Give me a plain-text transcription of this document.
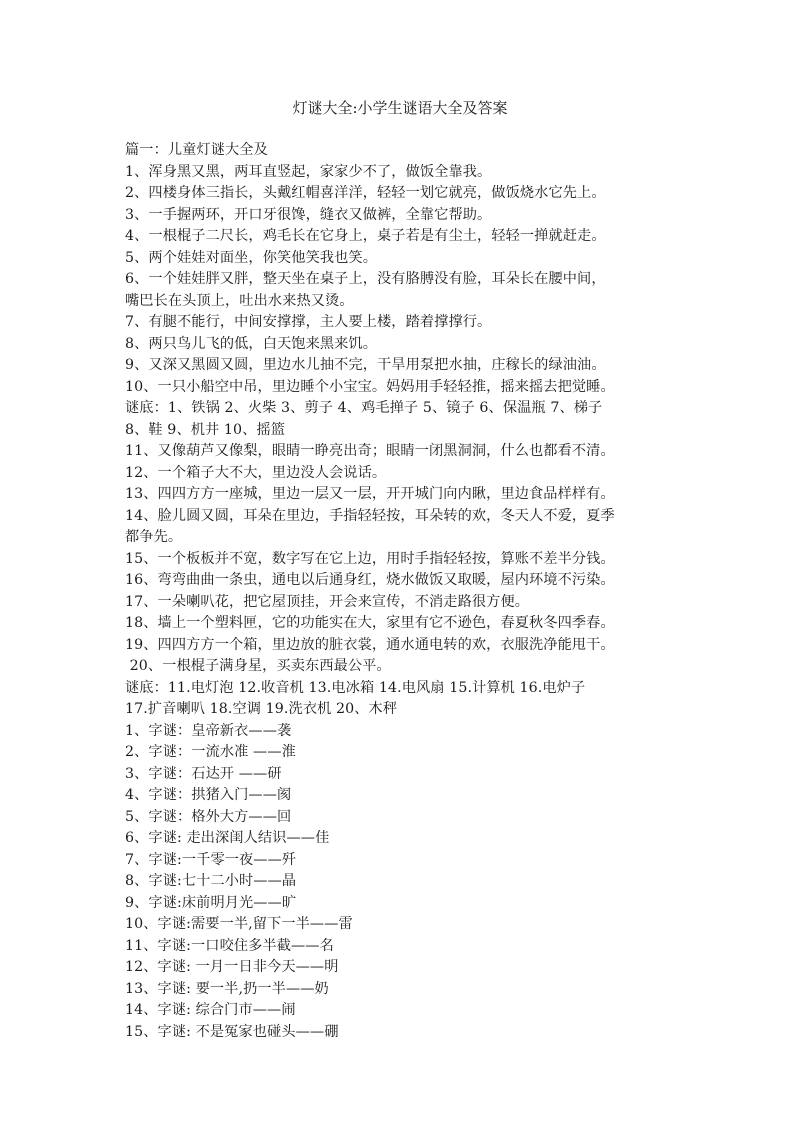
灯谜大全:小学生谜语大全及答案
篇一：儿童灯谜大全及
1、浑身黑又黑，两耳直竖起，家家少不了，做饭全靠我。
2、四楼身体三指长，头戴红帽喜洋洋，轻轻一划它就亮，做饭烧水它先上。
3、一手握两环，开口牙很馋，缝衣又做裤，全靠它帮助。
4、一根棍子二尺长，鸡毛长在它身上，桌子若是有尘土，轻轻一掸就赶走。
5、两个娃娃对面坐，你笑他笑我也笑。
6、一个娃娃胖又胖，整天坐在桌子上，没有胳膊没有脸，耳朵长在腰中间，
嘴巴长在头顶上，吐出水来热又烫。
7、有腿不能行，中间安撑撑，主人要上楼，踏着撑撑行。
8、两只鸟儿飞的低，白天饱来黑来饥。
9、又深又黑圆又圆，里边水儿抽不完，干旱用泵把水抽，庄稼长的绿油油。
10、一只小船空中吊，里边睡个小宝宝。妈妈用手轻轻推，摇来摇去把觉睡。
谜底：1、铁锅 2、火柴 3、剪子 4、鸡毛掸子 5、镜子 6、保温瓶 7、梯子
8、鞋 9、机井 10、摇篮
11、又像葫芦又像梨，眼睛一睁亮出奇；眼睛一闭黑洞洞，什么也都看不清。
12、一个箱子大不大，里边没人会说话。
13、四四方方一座城，里边一层又一层，开开城门向内瞅，里边食品样样有。
14、脸儿圆又圆，耳朵在里边，手指轻轻按，耳朵转的欢，冬天人不爱，夏季
都争先。
15、一个板板并不宽，数字写在它上边，用时手指轻轻按，算账不差半分钱。
16、弯弯曲曲一条虫，通电以后通身红，烧水做饭又取暖，屋内环境不污染。
17、一朵喇叭花，把它屋顶挂，开会来宣传，不消走路很方便。
18、墙上一个塑料匣，它的功能实在大，家里有它不逊色，春夏秋冬四季春。
19、四四方方一个箱，里边放的脏衣裳，通水通电转的欢，衣服洗净能甩干。
20、一根棍子满身星，买卖东西最公平。
谜底：11.电灯泡 12.收音机 13.电冰箱 14.电风扇 15.计算机 16.电炉子
17.扩音喇叭 18.空调 19.洗衣机 20、木秤
1、字谜：皇帝新衣——袭
2、字谜：一流水准 ——淮
3、字谜：石达开 ——研
4、字谜：拱猪入门——阂
5、字谜：格外大方——回
6、字谜: 走出深闺人结识——佳
7、字谜:一千零一夜——歼
8、字谜:七十二小时——晶
9、字谜:床前明月光——旷
10、字谜:需要一半,留下一半——雷
11、字谜:一口咬住多半截——名
12、字谜: 一月一日非今天——明
13、字谜: 要一半,扔一半——奶
14、字谜: 综合门市——闹
15、字谜: 不是冤家也碰头——硼
